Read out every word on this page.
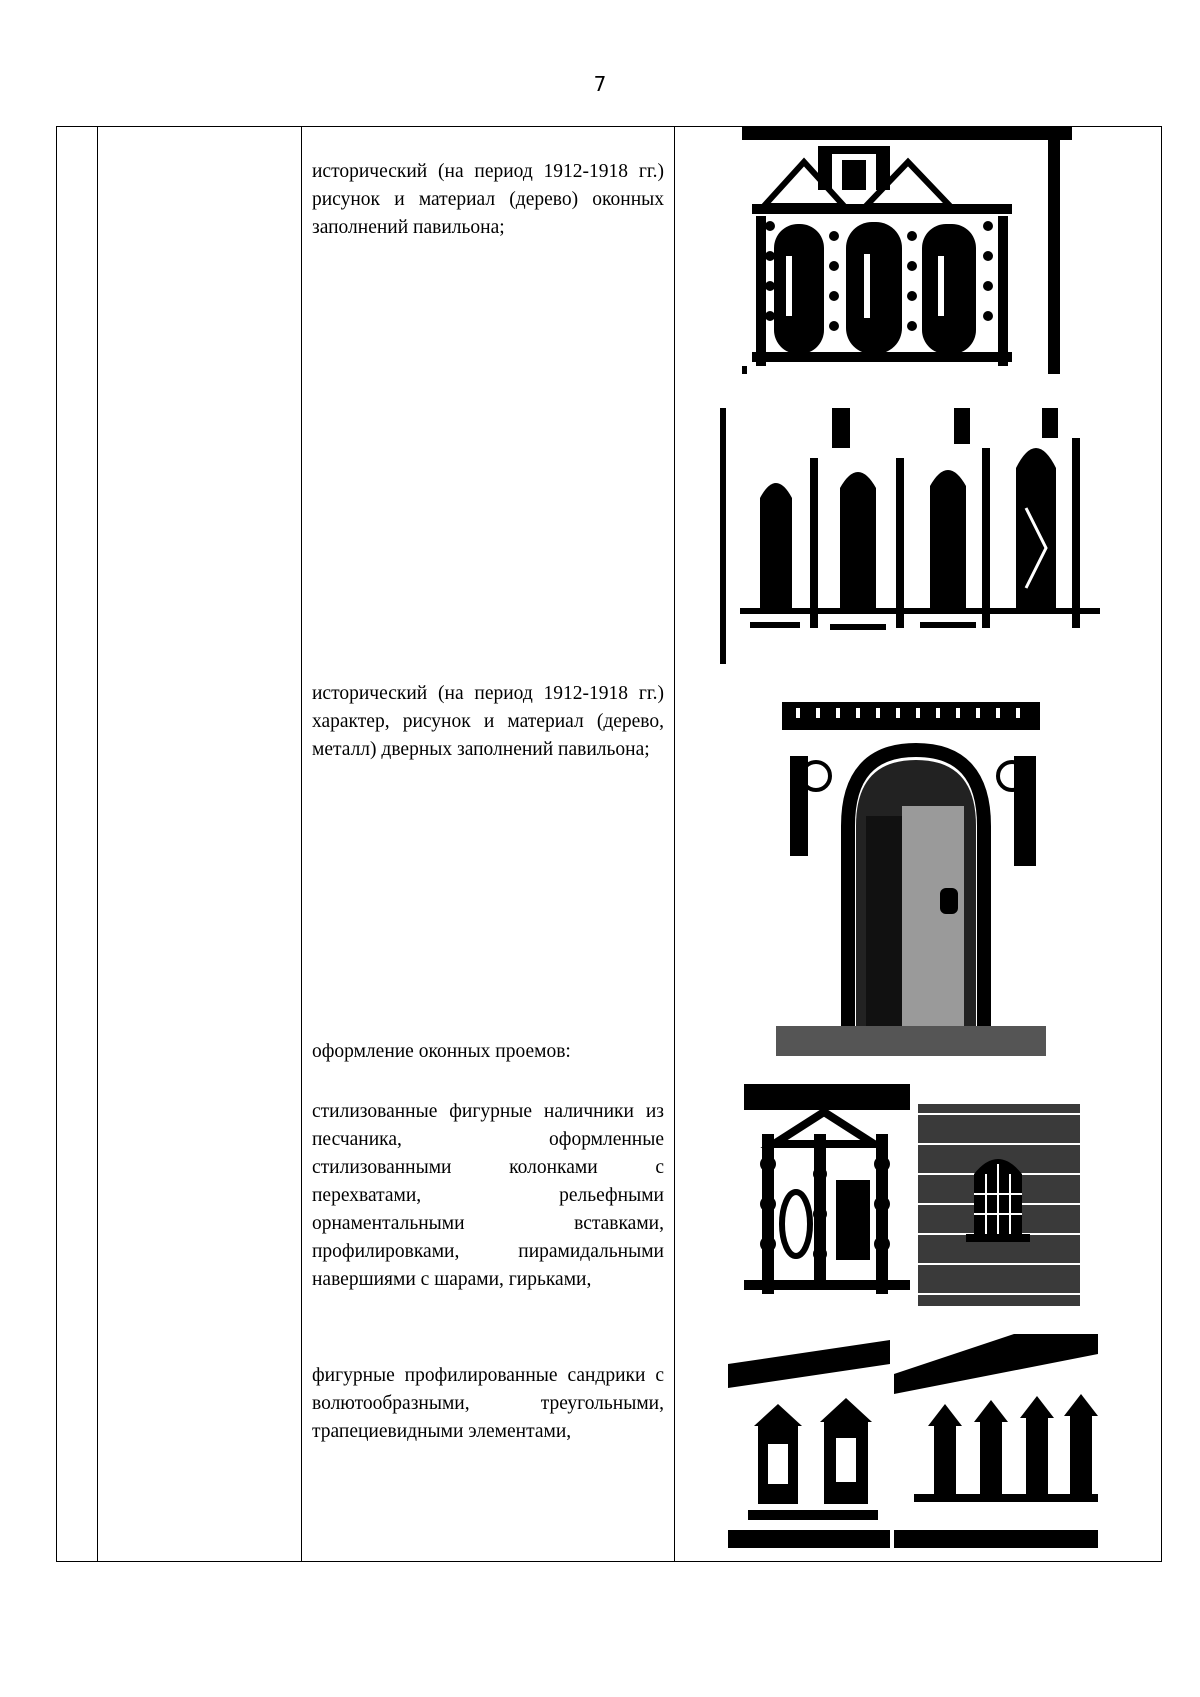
7
исторический (на период 1912-1918 гг.) рисунок и материал (дерево) оконных заполнений павильона;
исторический (на период 1912-1918 гг.) характер, рисунок и материал (дерево, металл) дверных заполнений павильона;
оформление оконных проемов:
стилизованные фигурные наличники из песчаника, оформленные стилизованными колонками с перехватами, рельефными орнаментальными вставками, профилировками, пирамидальными навершиями с шарами, гирьками,
фигурные профилированные сандрики с волютообразными, треугольными, трапециевидными элементами,
